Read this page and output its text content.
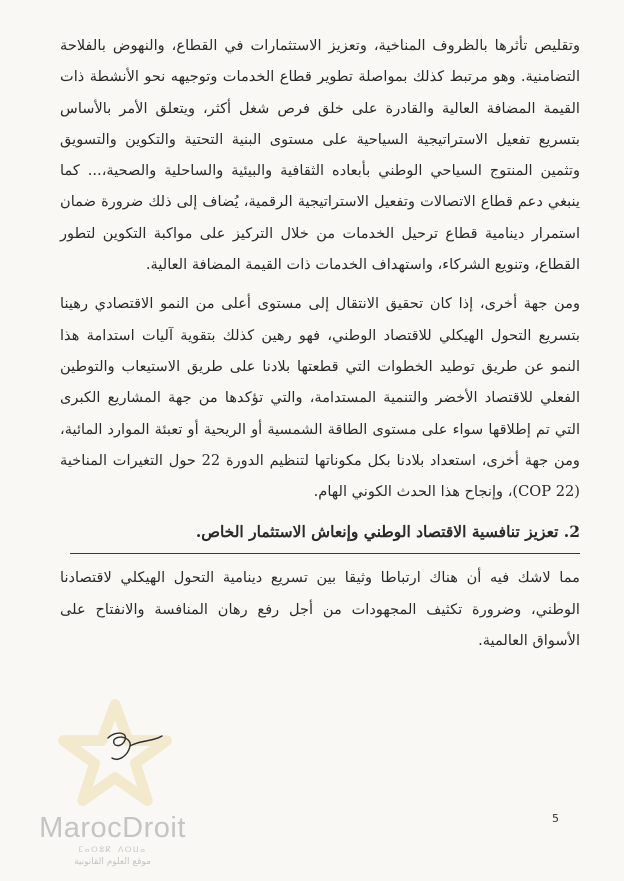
وتقليص تأثرها بالظروف المناخية، وتعزيز الاستثمارات في القطاع، والنهوض بالفلاحة التضامنية. وهو مرتبط كذلك بمواصلة تطوير قطاع الخدمات وتوجيهه نحو الأنشطة ذات القيمة المضافة العالية والقادرة على خلق فرص شغل أكثر، ويتعلق الأمر بالأساس بتسريع تفعيل الاستراتيجية السياحية على مستوى البنية التحتية والتكوين والتسويق وتثمين المنتوج السياحي الوطني بأبعاده الثقافية والبيئية والساحلية والصحية،... كما ينبغي دعم قطاع الاتصالات وتفعيل الاستراتيجية الرقمية، يُضاف إلى ذلك ضرورة ضمان استمرار دينامية قطاع ترحيل الخدمات من خلال التركيز على مواكبة التكوين لتطور القطاع، وتنويع الشركاء، واستهداف الخدمات ذات القيمة المضافة العالية.

ومن جهة أخرى، إذا كان تحقيق الانتقال إلى مستوى أعلى من النمو الاقتصادي رهينا بتسريع التحول الهيكلي للاقتصاد الوطني، فهو رهين كذلك بتقوية آليات استدامة هذا النمو عن طريق توطيد الخطوات التي قطعتها بلادنا على طريق الاستيعاب والتوطين الفعلي للاقتصاد الأخضر والتنمية المستدامة، والتي تؤكدها من جهة المشاريع الكبرى التي تم إطلاقها سواء على مستوى الطاقة الشمسية أو الريحية أو تعبئة الموارد المائية، ومن جهة أخرى، استعداد بلادنا بكل مكوناتها لتنظيم الدورة 22 حول التغيرات المناخية (COP 22)، وإنجاح هذا الحدث الكوني الهام.

2. تعزيز تنافسية الاقتصاد الوطني وإنعاش الاستثمار الخاص.

مما لاشك فيه أن هناك ارتباطا وثيقا بين تسريع دينامية التحول الهيكلي لاقتصادنا الوطني، وضرورة تكثيف المجهودات من أجل رفع رهان المنافسة والانفتاح على الأسواق العالمية.

MarocDroit
ⵎⴰⵔⵓⴽ ⴷⵔⵡⴰ
موقع العلوم القانونية
5
